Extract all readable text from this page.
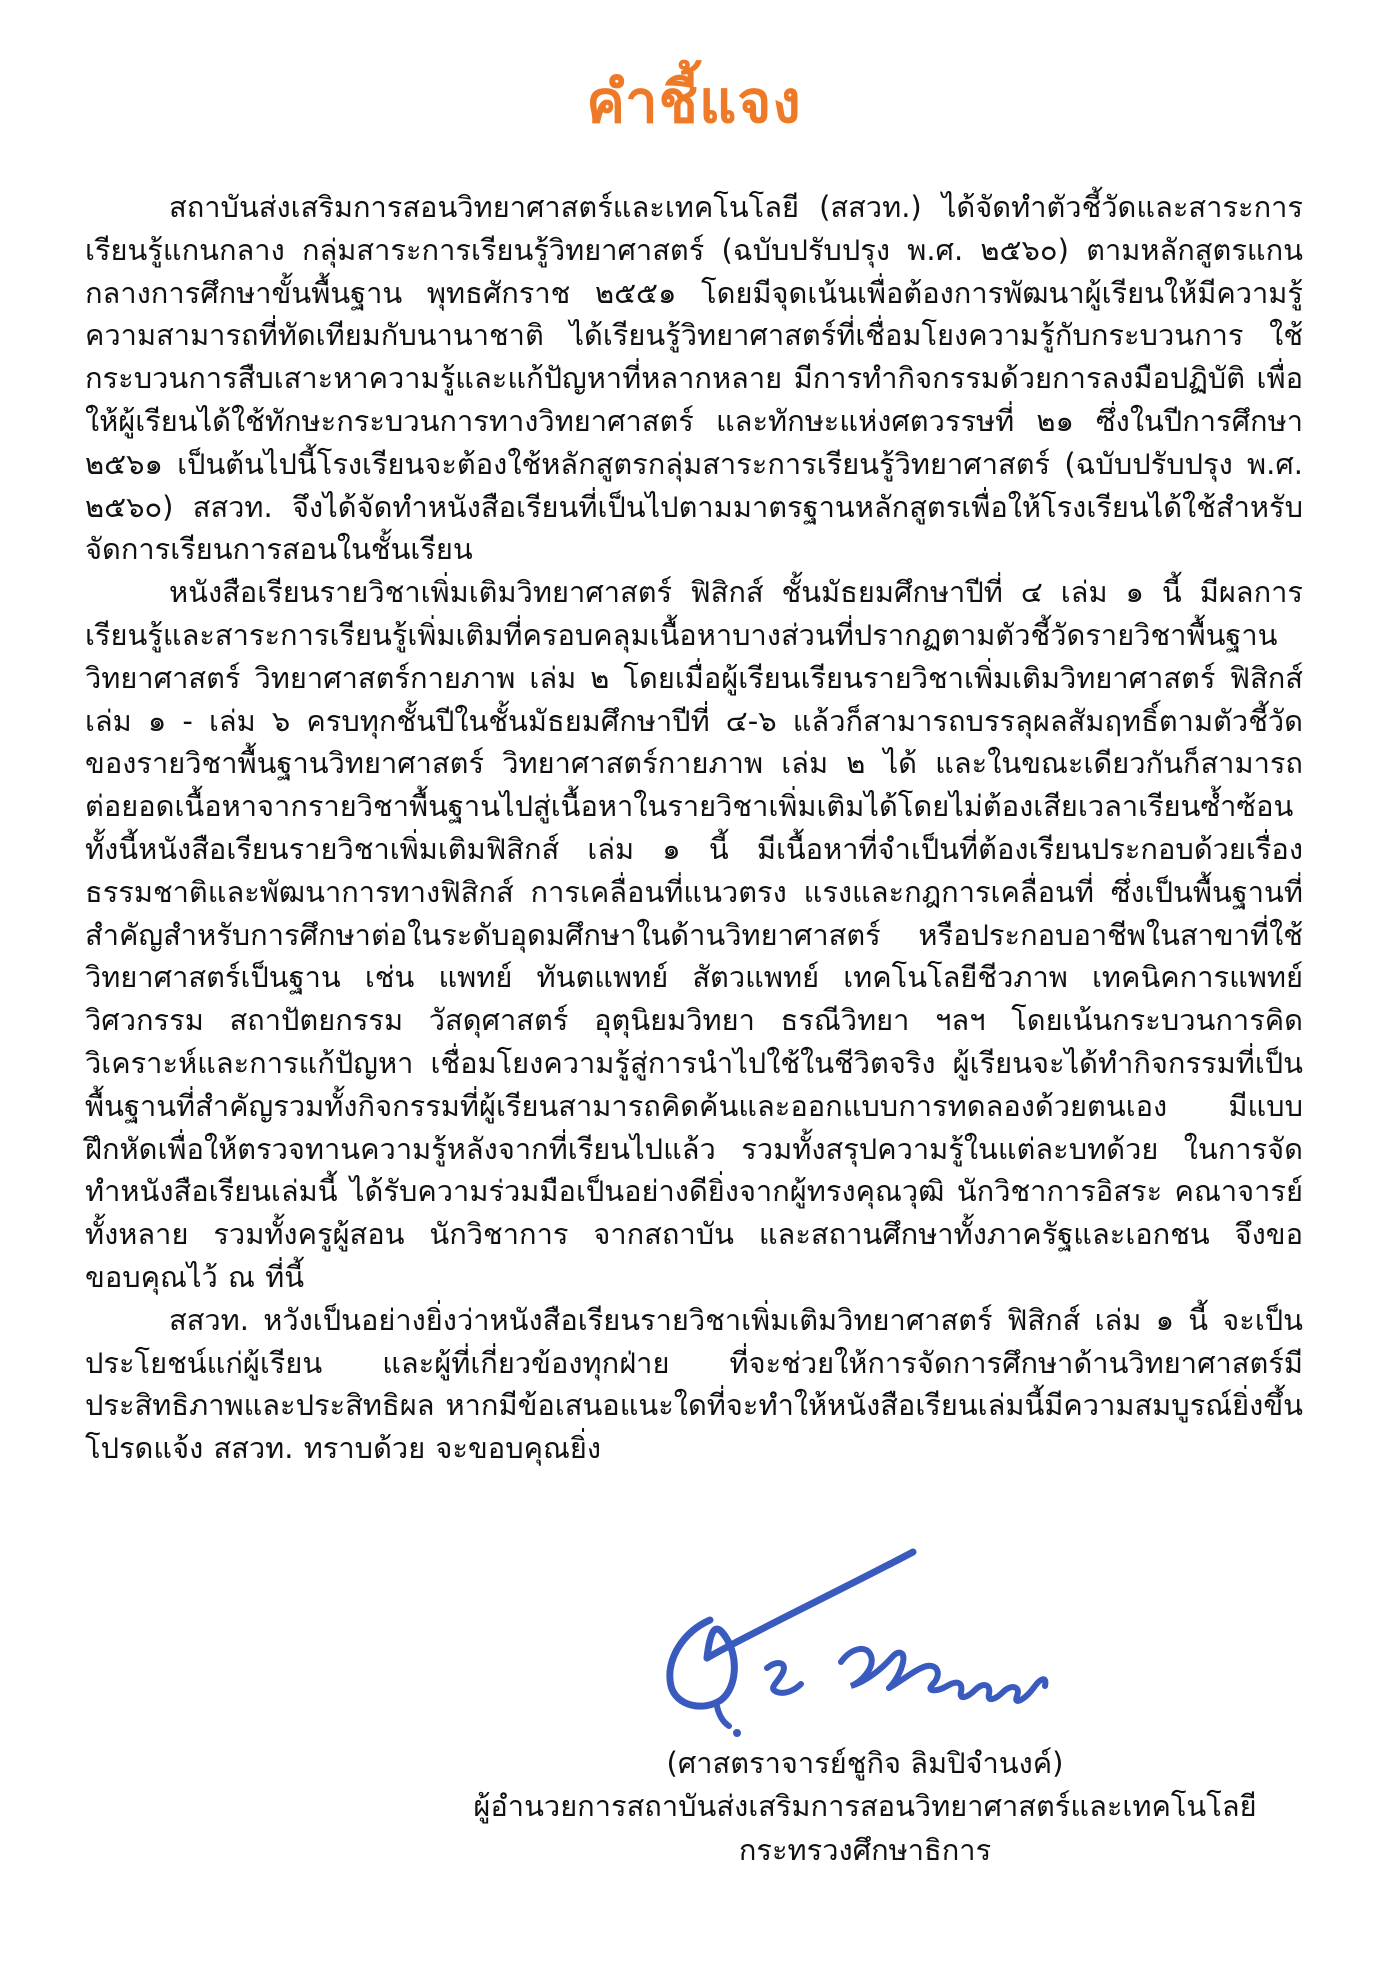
คำชี้แจง

สถาบันส่งเสริมการสอนวิทยาศาสตร์และเทคโนโลยี (สสวท.) ได้จัดทำตัวชี้วัดและสาระการเรียนรู้แกนกลาง กลุ่มสาระการเรียนรู้วิทยาศาสตร์ (ฉบับปรับปรุง พ.ศ. ๒๕๖๐) ตามหลักสูตรแกนกลางการศึกษาขั้นพื้นฐาน พุทธศักราช ๒๕๕๑ โดยมีจุดเน้นเพื่อต้องการพัฒนาผู้เรียนให้มีความรู้ความสามารถที่ทัดเทียมกับนานาชาติ ได้เรียนรู้วิทยาศาสตร์ที่เชื่อมโยงความรู้กับกระบวนการ ใช้กระบวนการสืบเสาะหาความรู้และแก้ปัญหาที่หลากหลาย มีการทำกิจกรรมด้วยการลงมือปฏิบัติ เพื่อให้ผู้เรียนได้ใช้ทักษะกระบวนการทางวิทยาศาสตร์ และทักษะแห่งศตวรรษที่ ๒๑ ซึ่งในปีการศึกษา ๒๕๖๑ เป็นต้นไปนี้โรงเรียนจะต้องใช้หลักสูตรกลุ่มสาระการเรียนรู้วิทยาศาสตร์ (ฉบับปรับปรุง พ.ศ. ๒๕๖๐) สสวท. จึงได้จัดทำหนังสือเรียนที่เป็นไปตามมาตรฐานหลักสูตรเพื่อให้โรงเรียนได้ใช้สำหรับจัดการเรียนการสอนในชั้นเรียน

หนังสือเรียนรายวิชาเพิ่มเติมวิทยาศาสตร์ ฟิสิกส์ ชั้นมัธยมศึกษาปีที่ ๔ เล่ม ๑ นี้ มีผลการเรียนรู้และสาระการเรียนรู้เพิ่มเติมที่ครอบคลุมเนื้อหาบางส่วนที่ปรากฏตามตัวชี้วัดรายวิชาพื้นฐานวิทยาศาสตร์ วิทยาศาสตร์กายภาพ เล่ม ๒ โดยเมื่อผู้เรียนเรียนรายวิชาเพิ่มเติมวิทยาศาสตร์ ฟิสิกส์ เล่ม ๑ - เล่ม ๖ ครบทุกชั้นปีในชั้นมัธยมศึกษาปีที่ ๔-๖ แล้วก็สามารถบรรลุผลสัมฤทธิ์ตามตัวชี้วัดของรายวิชาพื้นฐานวิทยาศาสตร์ วิทยาศาสตร์กายภาพ เล่ม ๒ ได้ และในขณะเดียวกันก็สามารถต่อยอดเนื้อหาจากรายวิชาพื้นฐานไปสู่เนื้อหาในรายวิชาเพิ่มเติมได้โดยไม่ต้องเสียเวลาเรียนซ้ำซ้อน ทั้งนี้หนังสือเรียนรายวิชาเพิ่มเติมฟิสิกส์ เล่ม ๑ นี้ มีเนื้อหาที่จำเป็นที่ต้องเรียนประกอบด้วยเรื่องธรรมชาติและพัฒนาการทางฟิสิกส์ การเคลื่อนที่แนวตรง แรงและกฎการเคลื่อนที่ ซึ่งเป็นพื้นฐานที่สำคัญสำหรับการศึกษาต่อในระดับอุดมศึกษาในด้านวิทยาศาสตร์ หรือประกอบอาชีพในสาขาที่ใช้วิทยาศาสตร์เป็นฐาน เช่น แพทย์ ทันตแพทย์ สัตวแพทย์ เทคโนโลยีชีวภาพ เทคนิคการแพทย์ วิศวกรรม สถาปัตยกรรม วัสดุศาสตร์ อุตุนิยมวิทยา ธรณีวิทยา ฯลฯ โดยเน้นกระบวนการคิดวิเคราะห์และการแก้ปัญหา เชื่อมโยงความรู้สู่การนำไปใช้ในชีวิตจริง ผู้เรียนจะได้ทำกิจกรรมที่เป็นพื้นฐานที่สำคัญรวมทั้งกิจกรรมที่ผู้เรียนสามารถคิดค้นและออกแบบการทดลองด้วยตนเอง มีแบบฝึกหัดเพื่อให้ตรวจทานความรู้หลังจากที่เรียนไปแล้ว รวมทั้งสรุปความรู้ในแต่ละบทด้วย ในการจัดทำหนังสือเรียนเล่มนี้ ได้รับความร่วมมือเป็นอย่างดียิ่งจากผู้ทรงคุณวุฒิ นักวิชาการอิสระ คณาจารย์ทั้งหลาย รวมทั้งครูผู้สอน นักวิชาการ จากสถาบัน และสถานศึกษาทั้งภาครัฐและเอกชน จึงขอขอบคุณไว้ ณ ที่นี้

สสวท. หวังเป็นอย่างยิ่งว่าหนังสือเรียนรายวิชาเพิ่มเติมวิทยาศาสตร์ ฟิสิกส์ เล่ม ๑ นี้ จะเป็นประโยชน์แก่ผู้เรียน และผู้ที่เกี่ยวข้องทุกฝ่าย ที่จะช่วยให้การจัดการศึกษาด้านวิทยาศาสตร์มีประสิทธิภาพและประสิทธิผล หากมีข้อเสนอแนะใดที่จะทำให้หนังสือเรียนเล่มนี้มีความสมบูรณ์ยิ่งขึ้น โปรดแจ้ง สสวท. ทราบด้วย จะขอบคุณยิ่ง

(ศาสตราจารย์ชูกิจ ลิมปิจำนงค์)

ผู้อำนวยการสถาบันส่งเสริมการสอนวิทยาศาสตร์และเทคโนโลยี

กระทรวงศึกษาธิการ
